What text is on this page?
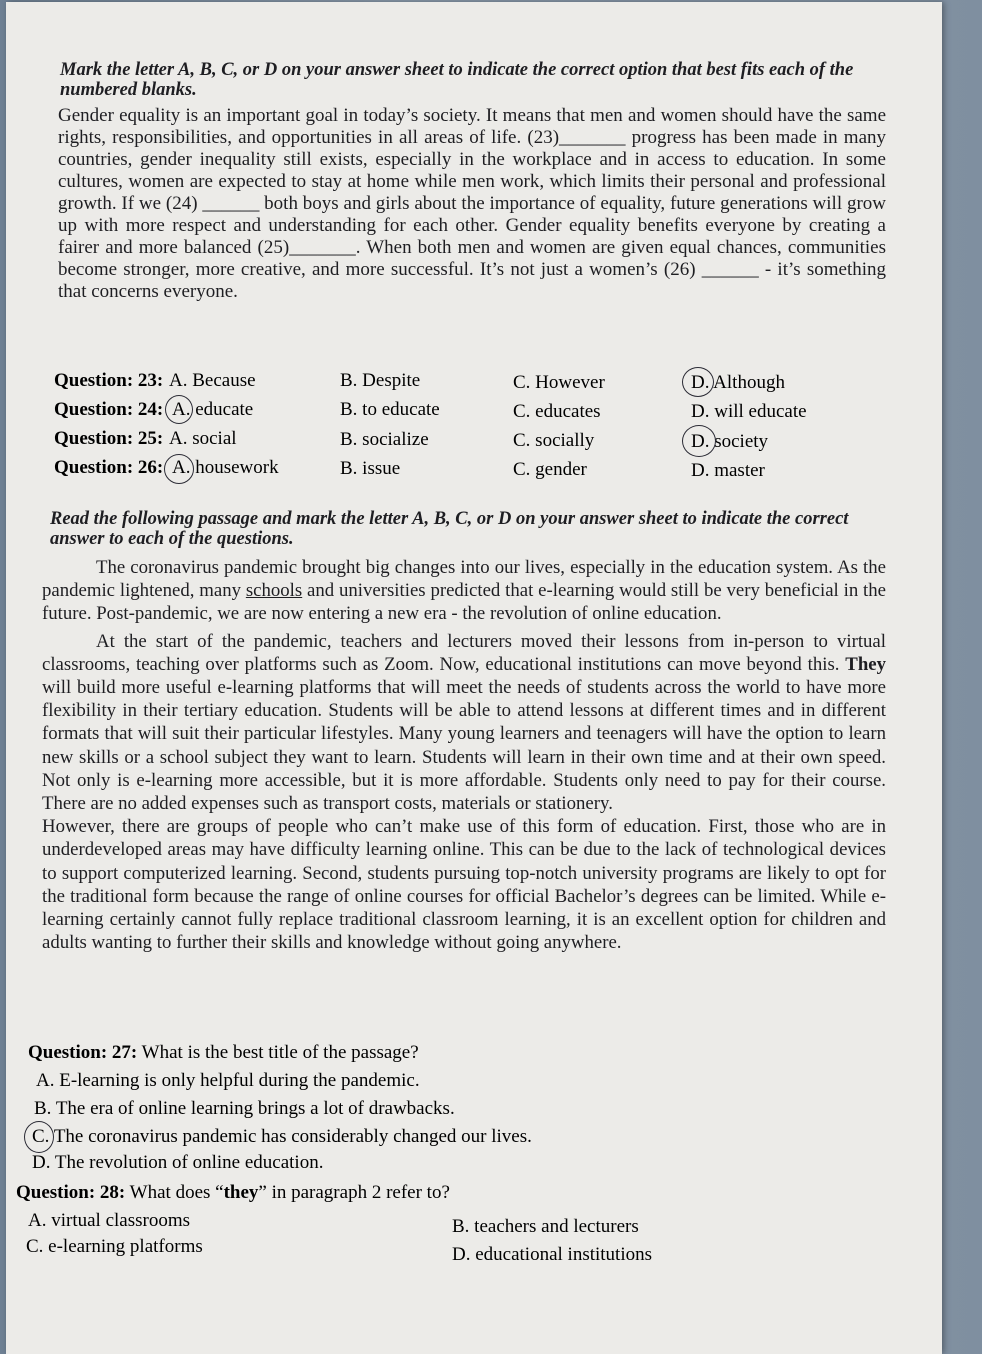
Mark the letter A, B, C, or D on your answer sheet to indicate the correct option that best fits each of the numbered blanks.

Gender equality is an important goal in today’s society. It means that men and women should have the same rights, responsibilities, and opportunities in all areas of life. (23)_______ progress has been made in many countries, gender inequality still exists, especially in the workplace and in access to education. In some cultures, women are expected to stay at home while men work, which limits their personal and professional growth. If we (24) ______ both boys and girls about the importance of equality, future generations will grow up with more respect and understanding for each other. Gender equality benefits everyone by creating a fairer and more balanced (25)_______. When both men and women are given equal chances, communities become stronger, more creative, and more successful. It’s not just a women’s (26) ______ - it’s something that concerns everyone.

Question: 23: A. Because	B. Despite	C. However	D. Although
Question: 24: A. educate	B. to educate	C. educates	D. will educate
Question: 25: A. social	B. socialize	C. socially	D. society
Question: 26: A. housework	B. issue	C. gender	D. master
Read the following passage and mark the letter A, B, C, or D on your answer sheet to indicate the correct answer to each of the questions.

The coronavirus pandemic brought big changes into our lives, especially in the education system. As the pandemic lightened, many schools and universities predicted that e-learning would still be very beneficial in the future. Post-pandemic, we are now entering a new era - the revolution of online education.

At the start of the pandemic, teachers and lecturers moved their lessons from in-person to virtual classrooms, teaching over platforms such as Zoom. Now, educational institutions can move beyond this. They will build more useful e-learning platforms that will meet the needs of students across the world to have more flexibility in their tertiary education. Students will be able to attend lessons at different times and in different formats that will suit their particular lifestyles. Many young learners and teenagers will have the option to learn new skills or a school subject they want to learn. Students will learn in their own time and at their own speed. Not only is e-learning more accessible, but it is more affordable. Students only need to pay for their course. There are no added expenses such as transport costs, materials or stationery.

However, there are groups of people who can’t make use of this form of education. First, those who are in underdeveloped areas may have difficulty learning online. This can be due to the lack of technological devices to support computerized learning. Second, students pursuing top-notch university programs are likely to opt for the traditional form because the range of online courses for official Bachelor’s degrees can be limited. While e-learning certainly cannot fully replace traditional classroom learning, it is an excellent option for children and adults wanting to further their skills and knowledge without going anywhere.

Question: 27: What is the best title of the passage?
A. E-learning is only helpful during the pandemic.
B. The era of online learning brings a lot of drawbacks.
C. The coronavirus pandemic has considerably changed our lives.
D. The revolution of online education.
Question: 28: What does “they” in paragraph 2 refer to?
A. virtual classrooms	B. teachers and lecturers
C. e-learning platforms	D. educational institutions
